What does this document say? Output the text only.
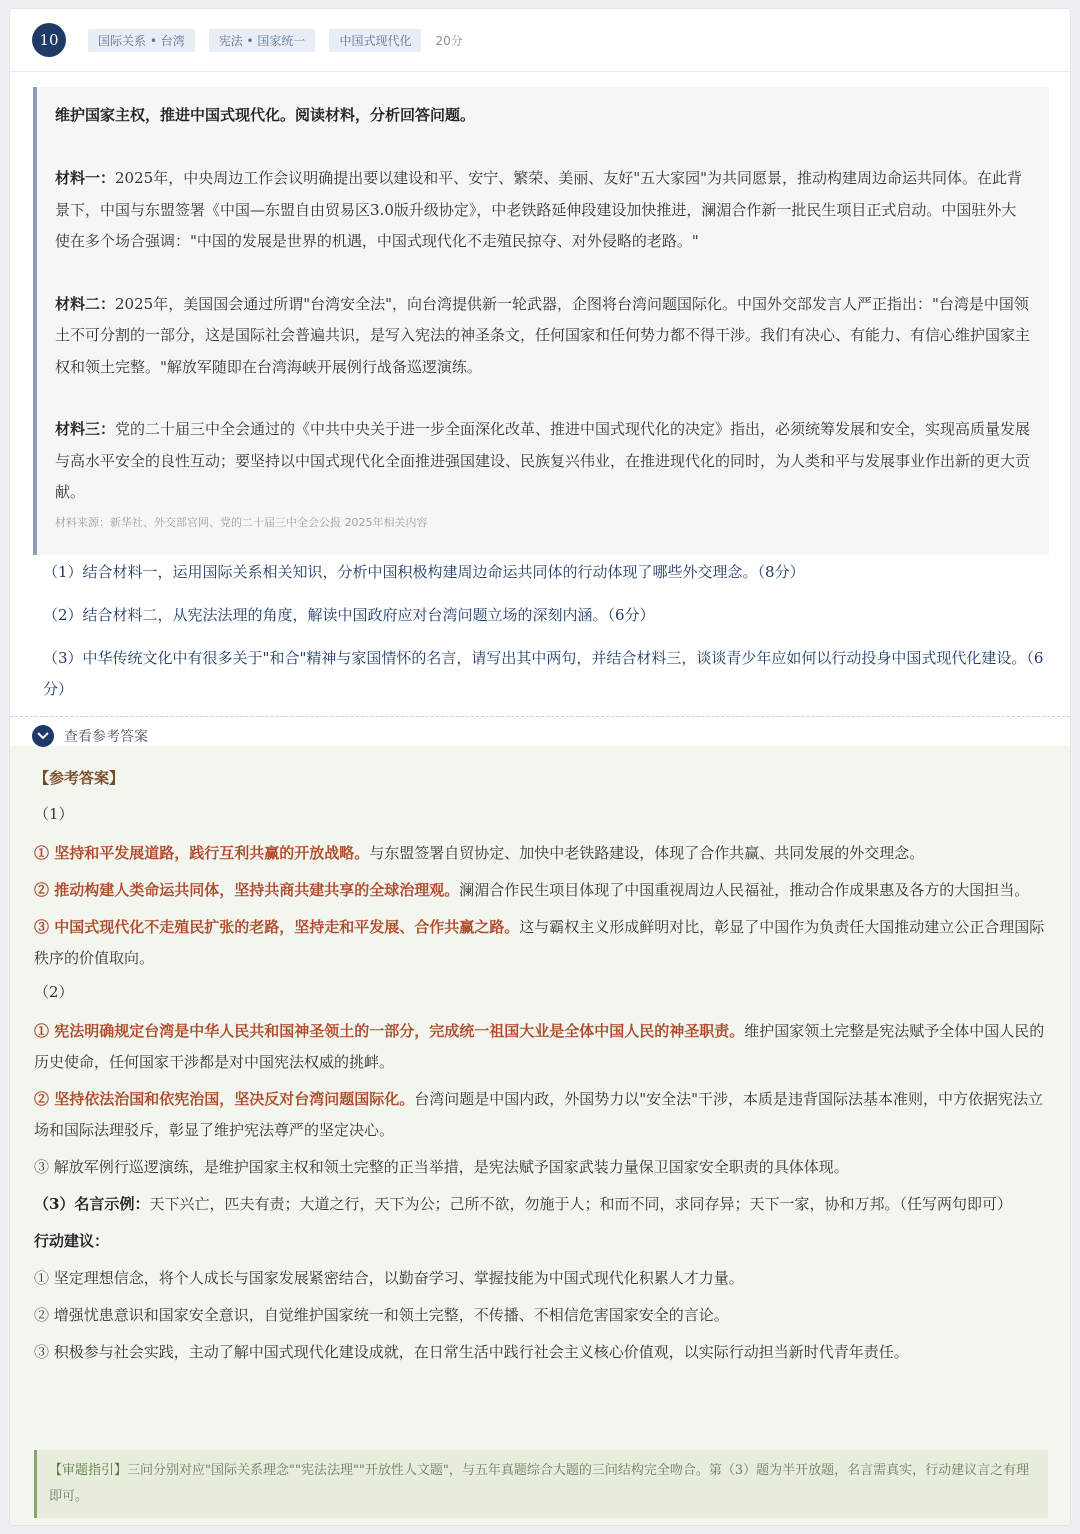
10	国际关系 • 台湾	宪法 • 国家统一	中国式现代化	20分
维护国家主权，推进中国式现代化。阅读材料，分析回答问题。

材料一：2025年，中央周边工作会议明确提出要以建设和平、安宁、繁荣、美丽、友好"五大家园"为共同愿景，推动构建周边命运共同体。在此背景下，中国与东盟签署《中国—东盟自由贸易区3.0版升级协定》，中老铁路延伸段建设加快推进，澜湄合作新一批民生项目正式启动。中国驻外大使在多个场合强调："中国的发展是世界的机遇，中国式现代化不走殖民掠夺、对外侵略的老路。"

材料二：2025年，美国国会通过所谓"台湾安全法"，向台湾提供新一轮武器，企图将台湾问题国际化。中国外交部发言人严正指出："台湾是中国领土不可分割的一部分，这是国际社会普遍共识，是写入宪法的神圣条文，任何国家和任何势力都不得干涉。我们有决心、有能力、有信心维护国家主权和领土完整。"解放军随即在台湾海峡开展例行战备巡逻演练。

材料三：党的二十届三中全会通过的《中共中央关于进一步全面深化改革、推进中国式现代化的决定》指出，必须统筹发展和安全，实现高质量发展与高水平安全的良性互动；要坚持以中国式现代化全面推进强国建设、民族复兴伟业，在推进现代化的同时，为人类和平与发展事业作出新的更大贡献。

材料来源：新华社、外交部官网、党的二十届三中全会公报 2025年相关内容

（1）结合材料一，运用国际关系相关知识，分析中国积极构建周边命运共同体的行动体现了哪些外交理念。（8分）

（2）结合材料二，从宪法法理的角度，解读中国政府应对台湾问题立场的深刻内涵。（6分）

（3）中华传统文化中有很多关于"和合"精神与家国情怀的名言，请写出其中两句，并结合材料三，谈谈青少年应如何以行动投身中国式现代化建设。（6分）

【参考答案】
（1）

① 坚持和平发展道路，践行互利共赢的开放战略。与东盟签署自贸协定、加快中老铁路建设，体现了合作共赢、共同发展的外交理念。

② 推动构建人类命运共同体，坚持共商共建共享的全球治理观。澜湄合作民生项目体现了中国重视周边人民福祉，推动合作成果惠及各方的大国担当。

③ 中国式现代化不走殖民扩张的老路，坚持走和平发展、合作共赢之路。这与霸权主义形成鲜明对比，彰显了中国作为负责任大国推动建立公正合理国际秩序的价值取向。

（2）

① 宪法明确规定台湾是中华人民共和国神圣领土的一部分，完成统一祖国大业是全体中国人民的神圣职责。维护国家领土完整是宪法赋予全体中国人民的历史使命，任何国家干涉都是对中国宪法权威的挑衅。

② 坚持依法治国和依宪治国，坚决反对台湾问题国际化。台湾问题是中国内政，外国势力以"安全法"干涉，本质是违背国际法基本准则，中方依据宪法立场和国际法理驳斥，彰显了维护宪法尊严的坚定决心。

③ 解放军例行巡逻演练，是维护国家主权和领土完整的正当举措，是宪法赋予国家武装力量保卫国家安全职责的具体体现。

（3）名言示例：天下兴亡，匹夫有责；大道之行，天下为公；己所不欲，勿施于人；和而不同，求同存异；天下一家，协和万邦。（任写两句即可）

行动建议：

① 坚定理想信念，将个人成长与国家发展紧密结合，以勤奋学习、掌握技能为中国式现代化积累人才力量。

② 增强忧患意识和国家安全意识，自觉维护国家统一和领土完整，不传播、不相信危害国家安全的言论。

③ 积极参与社会实践，主动了解中国式现代化建设成就，在日常生活中践行社会主义核心价值观，以实际行动担当新时代青年责任。

【审题指引】三问分别对应"国际关系理念""宪法法理""开放性人文题"，与五年真题综合大题的三问结构完全吻合。第（3）题为半开放题，名言需真实，行动建议言之有理即可。
查看参考答案
